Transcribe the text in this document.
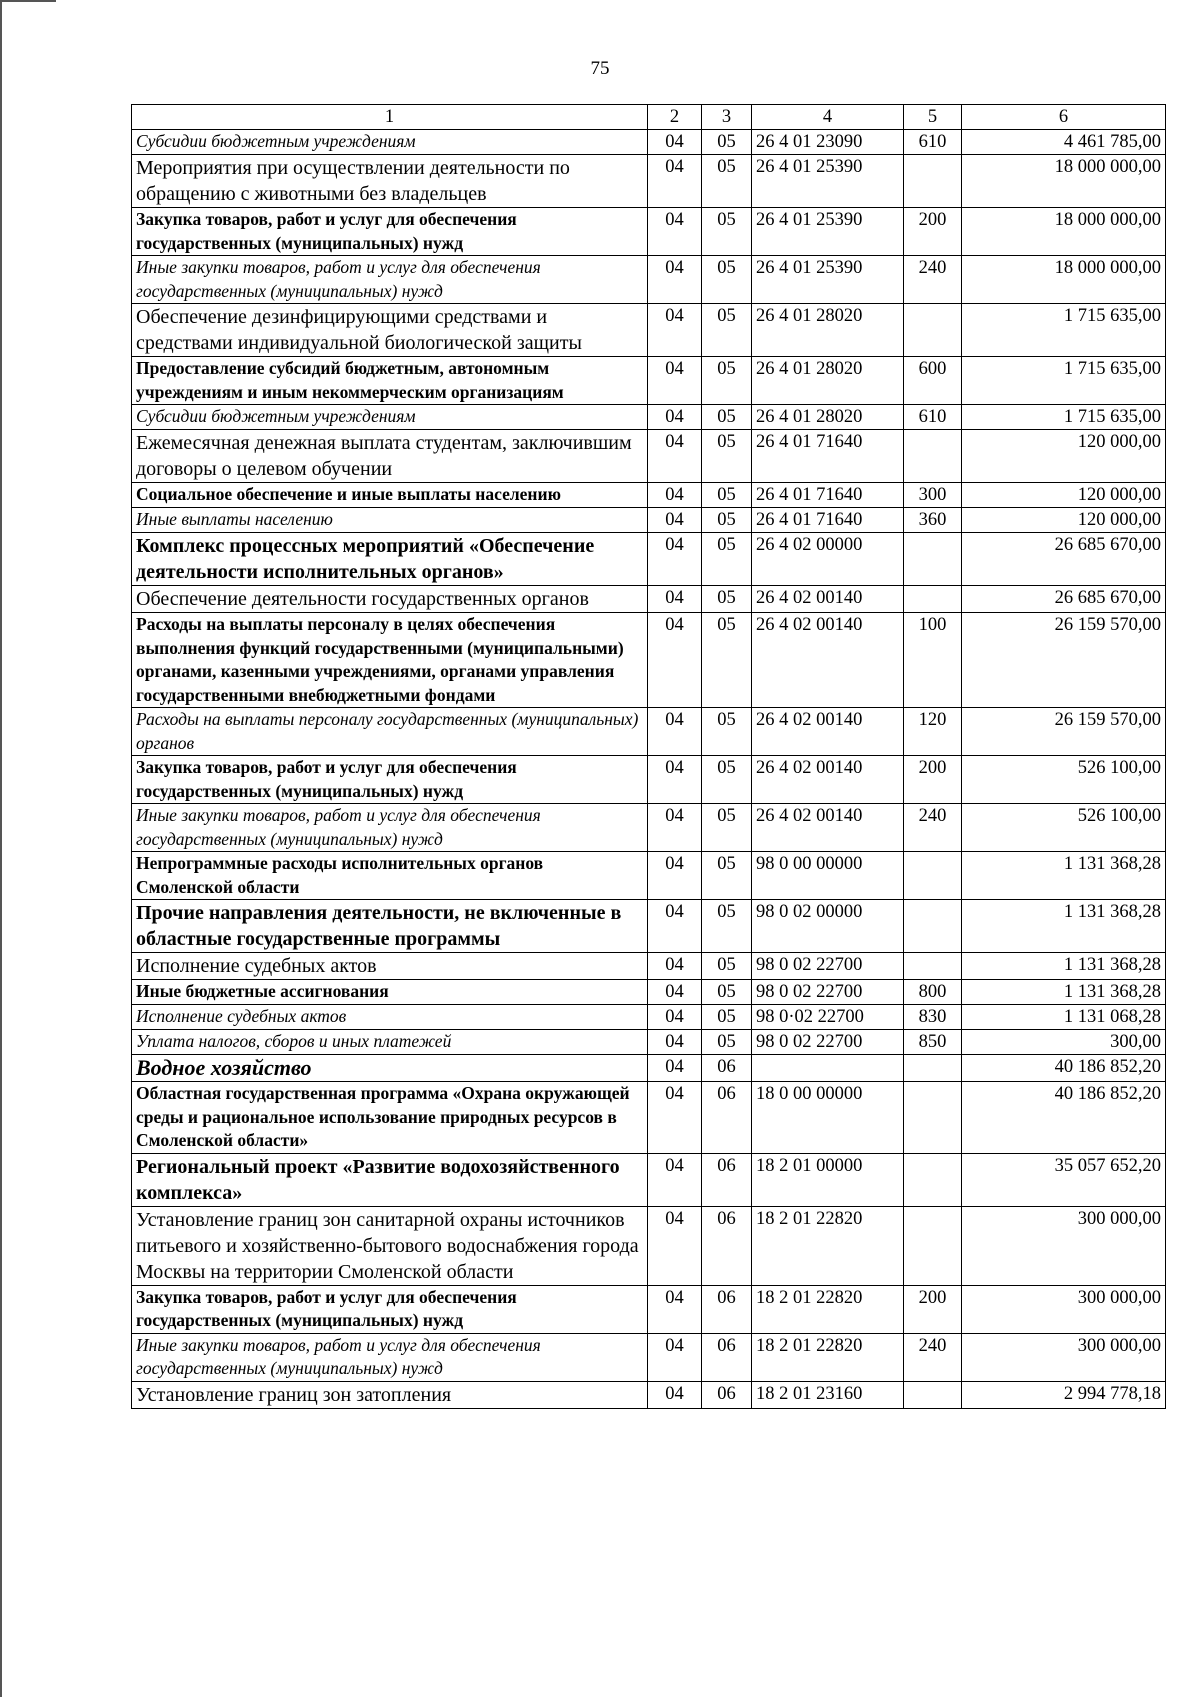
75
1	2	3	4	5	6
Субсидии бюджетным учреждениям	04	05	26 4 01 23090	610	4 461 785,00
Мероприятия при осуществлении деятельности по обращению с животными без владельцев	04	05	26 4 01 25390		18 000 000,00
Закупка товаров, работ и услуг для обеспечения государственных (муниципальных) нужд	04	05	26 4 01 25390	200	18 000 000,00
Иные закупки товаров, работ и услуг для обеспечения государственных (муниципальных) нужд	04	05	26 4 01 25390	240	18 000 000,00
Обеспечение дезинфицирующими средствами и средствами индивидуальной биологической защиты	04	05	26 4 01 28020		1 715 635,00
Предоставление субсидий бюджетным, автономным учреждениям и иным некоммерческим организациям	04	05	26 4 01 28020	600	1 715 635,00
Субсидии бюджетным учреждениям	04	05	26 4 01 28020	610	1 715 635,00
Ежемесячная денежная выплата студентам, заключившим договоры о целевом обучении	04	05	26 4 01 71640		120 000,00
Социальное обеспечение и иные выплаты населению	04	05	26 4 01 71640	300	120 000,00
Иные выплаты населению	04	05	26 4 01 71640	360	120 000,00
Комплекс процессных мероприятий «Обеспечение деятельности исполнительных органов»	04	05	26 4 02 00000		26 685 670,00
Обеспечение деятельности государственных органов	04	05	26 4 02 00140		26 685 670,00
Расходы на выплаты персоналу в целях обеспечения выполнения функций государственными (муниципальными) органами, казенными учреждениями, органами управления государственными внебюджетными фондами	04	05	26 4 02 00140	100	26 159 570,00
Расходы на выплаты персоналу государственных (муниципальных) органов	04	05	26 4 02 00140	120	26 159 570,00
Закупка товаров, работ и услуг для обеспечения государственных (муниципальных) нужд	04	05	26 4 02 00140	200	526 100,00
Иные закупки товаров, работ и услуг для обеспечения государственных (муниципальных) нужд	04	05	26 4 02 00140	240	526 100,00
Непрограммные расходы исполнительных органов Смоленской области	04	05	98 0 00 00000		1 131 368,28
Прочие направления деятельности, не включенные в областные государственные программы	04	05	98 0 02 00000		1 131 368,28
Исполнение судебных актов	04	05	98 0 02 22700		1 131 368,28
Иные бюджетные ассигнования	04	05	98 0 02 22700	800	1 131 368,28
Исполнение судебных актов	04	05	98 0·02 22700	830	1 131 068,28
Уплата налогов, сборов и иных платежей	04	05	98 0 02 22700	850	300,00
Водное хозяйство	04	06			40 186 852,20
Областная государственная программа «Охрана окружающей среды и рациональное использование природных ресурсов в Смоленской области»	04	06	18 0 00 00000		40 186 852,20
Региональный проект «Развитие водохозяйственного комплекса»	04	06	18 2 01 00000		35 057 652,20
Установление границ зон санитарной охраны источников питьевого и хозяйственно-бытового водоснабжения города Москвы на территории Смоленской области	04	06	18 2 01 22820		300 000,00
Закупка товаров, работ и услуг для обеспечения государственных (муниципальных) нужд	04	06	18 2 01 22820	200	300 000,00
Иные закупки товаров, работ и услуг для обеспечения государственных (муниципальных) нужд	04	06	18 2 01 22820	240	300 000,00
Установление границ зон затопления	04	06	18 2 01 23160		2 994 778,18
